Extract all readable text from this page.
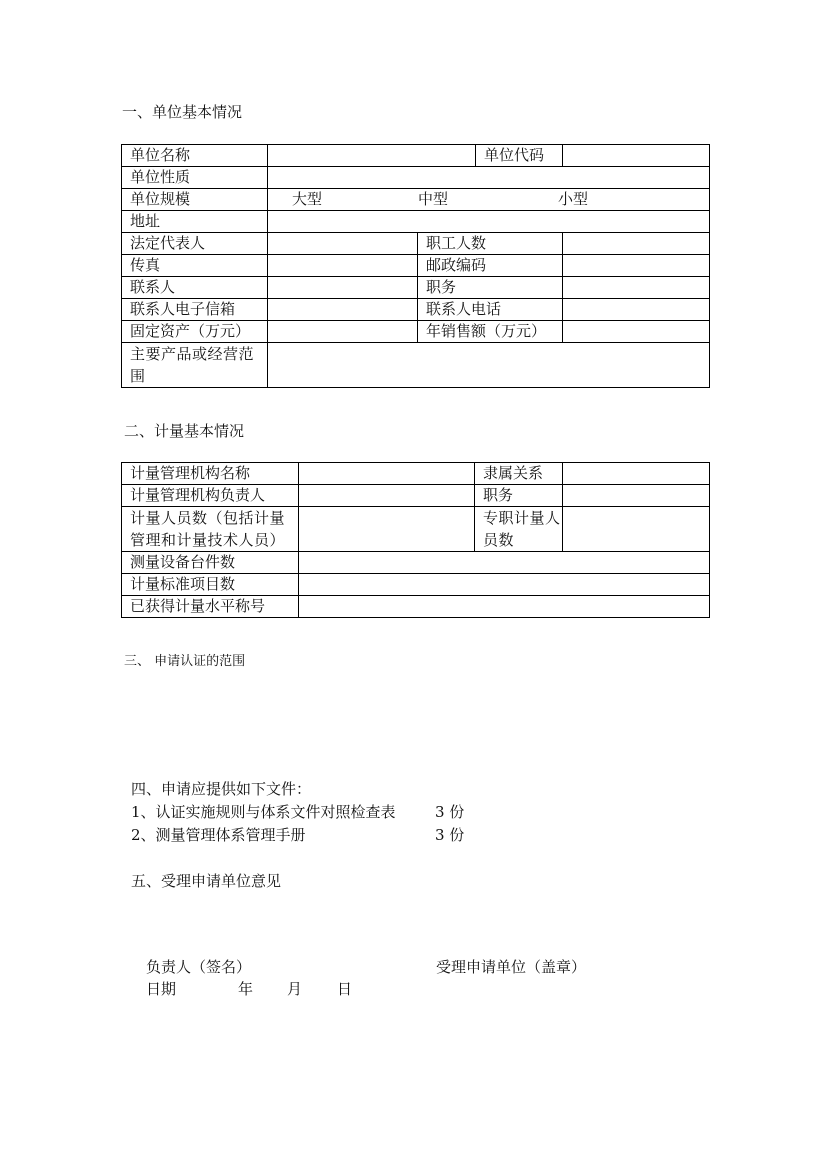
一、单位基本情况
单位名称			单位代码	
单位性质				
单位规模	大型 中型 小型			

地址				
法定代表人		职工人数		
传真		邮政编码		
联系人		职务		
联系人电子信箱		联系人电话		
固定资产（万元）		年销售额（万元）		
主要产品或经营范围				
二、计量基本情况
计量管理机构名称		隶属关系	
计量管理机构负责人		职务	
计量人员数（包括计量管理和计量技术人员）		专职计量人员数	
测量设备台件数			
计量标准项目数			
已获得计量水平称号			
三、 申请认证的范围
四、申请应提供如下文件：
1、认证实施规则与体系文件对照检查表	3 份
2、测量管理体系管理手册	3 份
五、受理申请单位意见
负责人（签名）	受理申请单位（盖章）
日期	年 月 日
